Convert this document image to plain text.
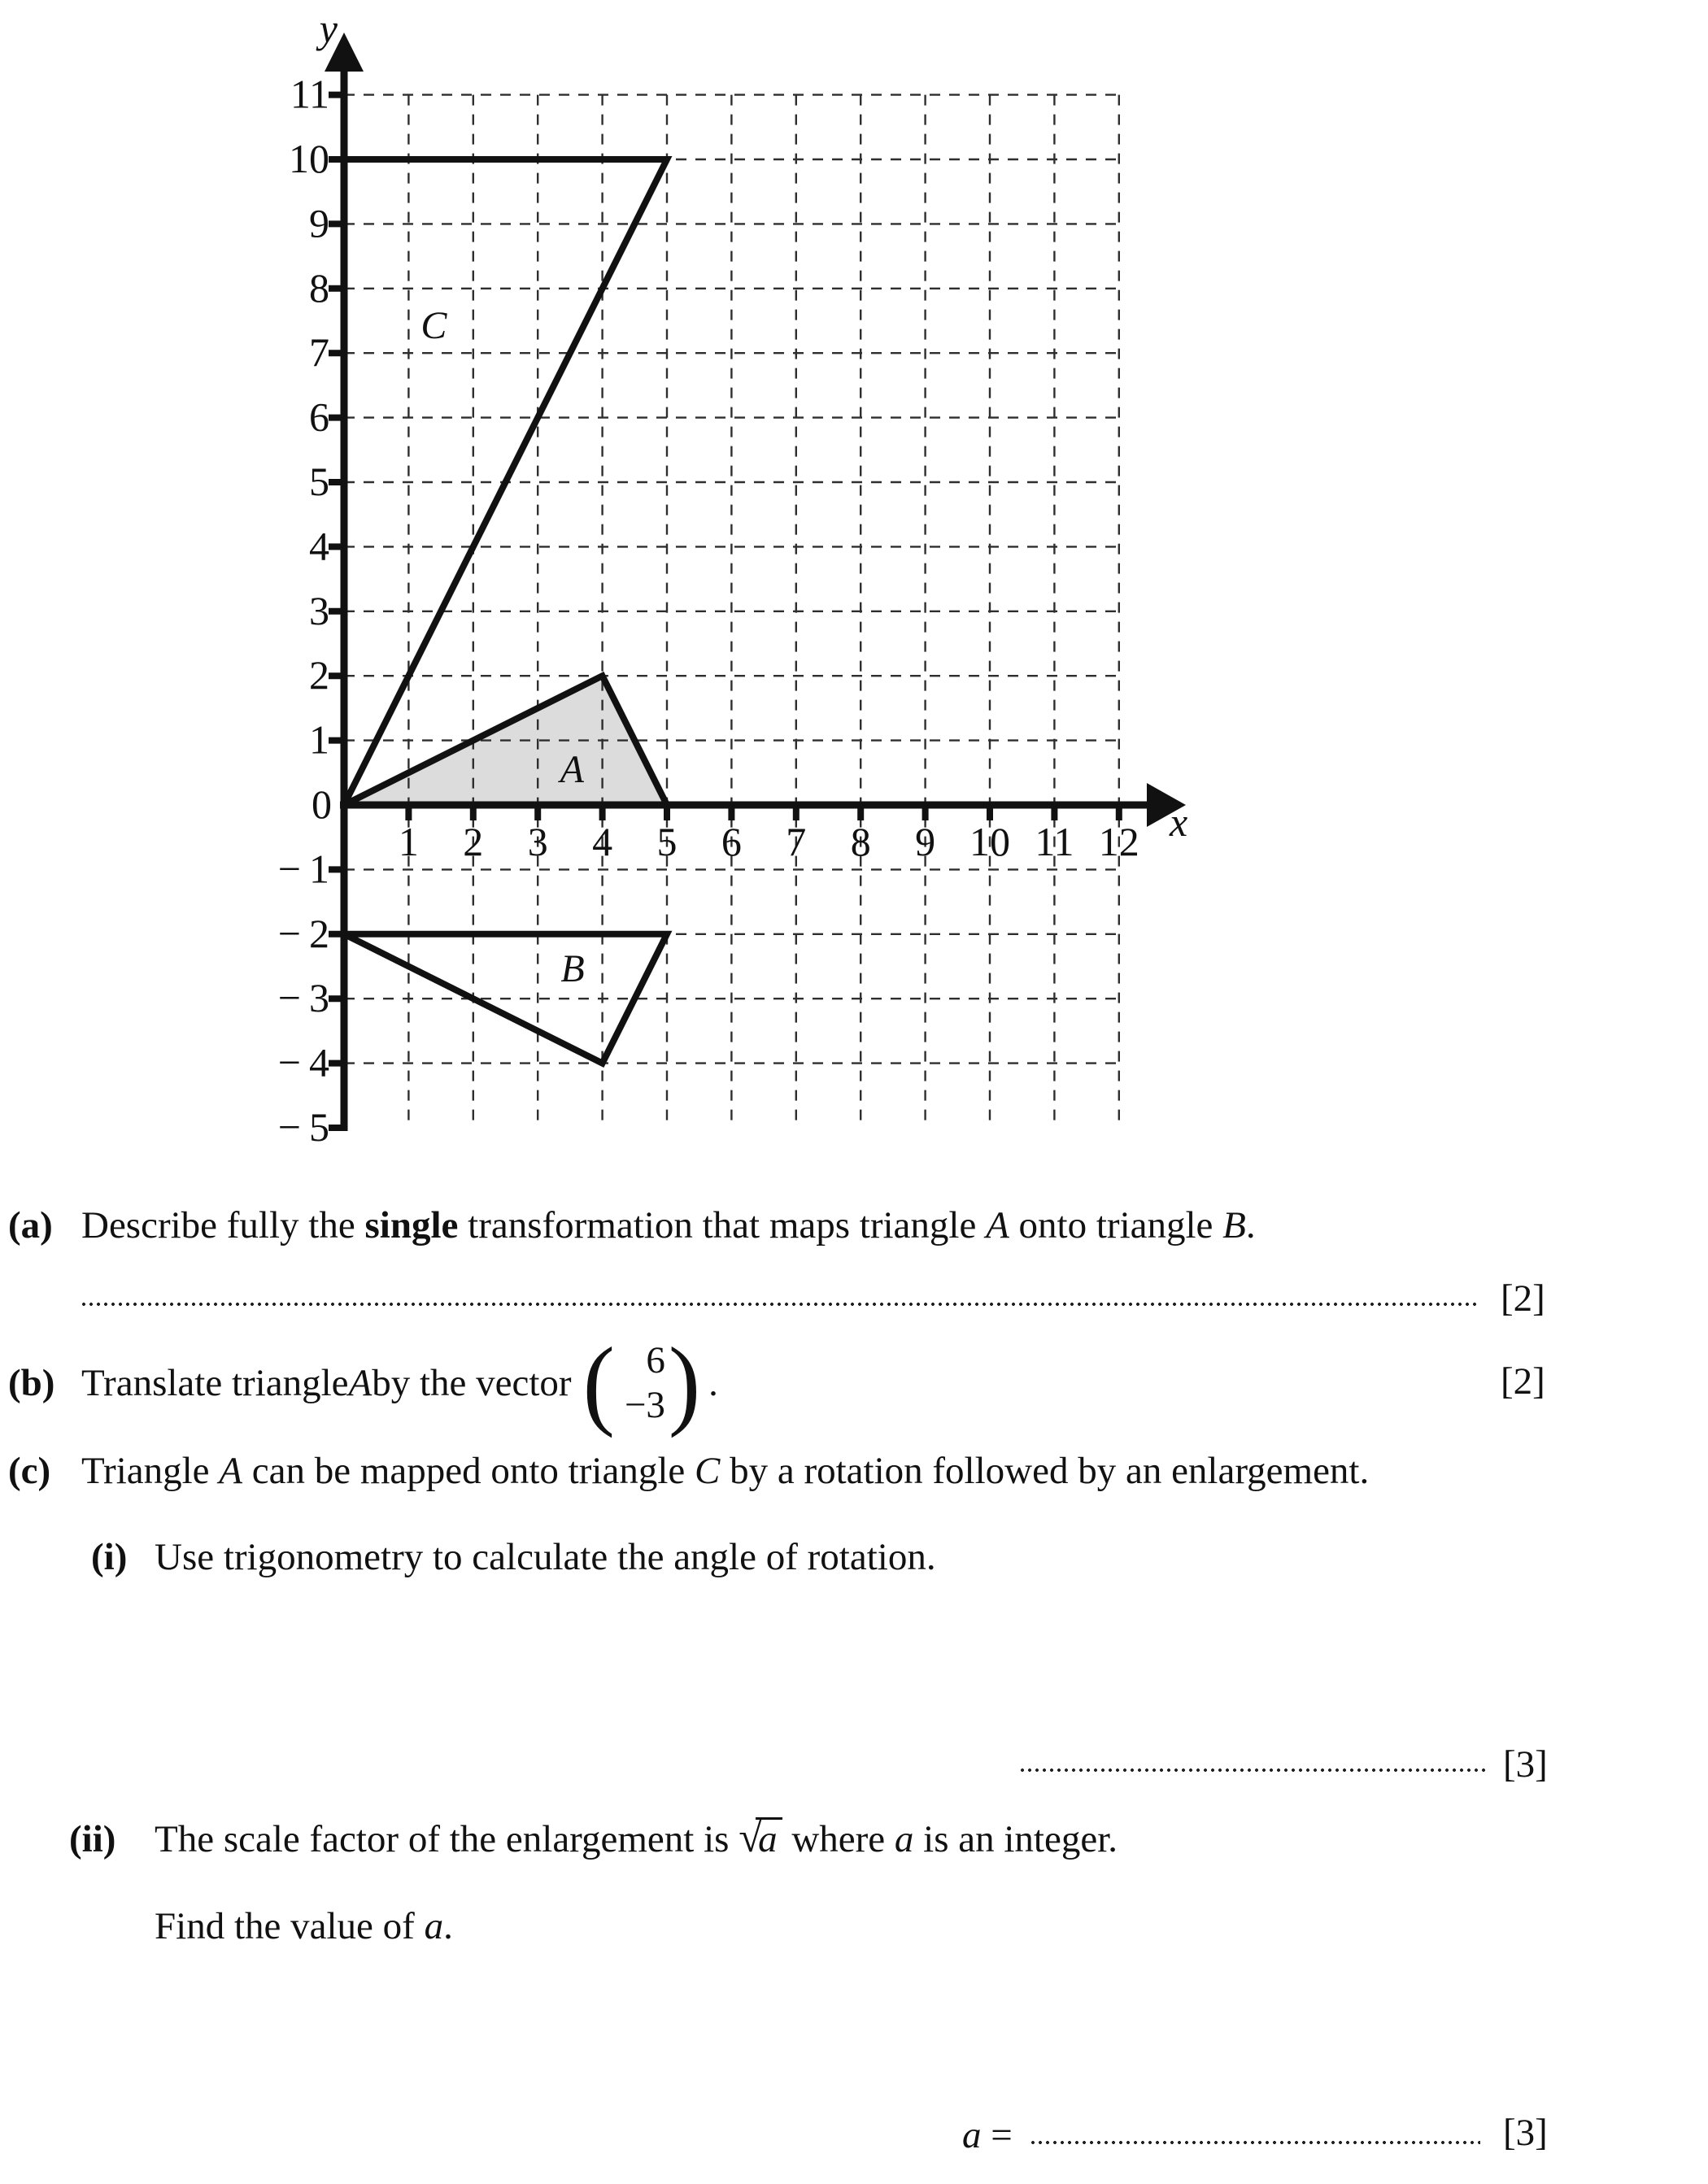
1 2 3 4 5 6 7 8 9 10 11 12
11
10
9
8
7
6
5
4
3
2
1
− 1
− 2
− 3
− 4
− 5
0	x
y
C
A
B
(a) Describe fully the single transformation that maps triangle A onto triangle B.
[2]
(b) Translate triangle A by the vector ( 6
−3 ) .	[2]
(c) Triangle A can be mapped onto triangle C by a rotation followed by an enlargement.
(i) Use trigonometry to calculate the angle of rotation.
[3]
(ii) The scale factor of the enlargement is √a where a is an integer.
Find the value of a.
a =	[3]
